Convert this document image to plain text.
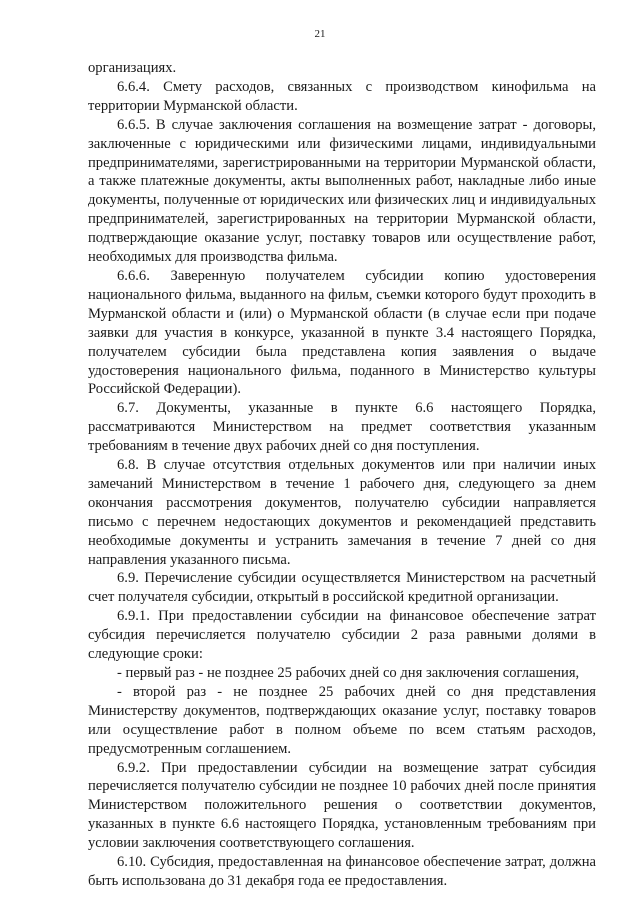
21

организациях.

6.6.4. Смету расходов, связанных с производством кинофильма на территории Мурманской области.

6.6.5. В случае заключения соглашения на возмещение затрат - договоры, заключенные с юридическими или физическими лицами, индивидуальными предпринимателями, зарегистрированными на территории Мурманской области, а также платежные документы, акты выполненных работ, накладные либо иные документы, полученные от юридических или физических лиц и индивидуальных предпринимателей, зарегистрированных на территории Мурманской области, подтверждающие оказание услуг, поставку товаров или осуществление работ, необходимых для производства фильма.

6.6.6. Заверенную получателем субсидии копию удостоверения национального фильма, выданного на фильм, съемки которого будут проходить в Мурманской области и (или) о Мурманской области (в случае если при подаче заявки для участия в конкурсе, указанной в пункте 3.4 настоящего Порядка, получателем субсидии была представлена копия заявления о выдаче удостоверения национального фильма, поданного в Министерство культуры Российской Федерации).

6.7. Документы, указанные в пункте 6.6 настоящего Порядка, рассматриваются Министерством на предмет соответствия указанным требованиям в течение двух рабочих дней со дня поступления.

6.8. В случае отсутствия отдельных документов или при наличии иных замечаний Министерством в течение 1 рабочего дня, следующего за днем окончания рассмотрения документов, получателю субсидии направляется письмо с перечнем недостающих документов и рекомендацией представить необходимые документы и устранить замечания в течение 7 дней со дня направления указанного письма.

6.9. Перечисление субсидии осуществляется Министерством на расчетный счет получателя субсидии, открытый в российской кредитной организации.

6.9.1. При предоставлении субсидии на финансовое обеспечение затрат субсидия перечисляется получателю субсидии 2 раза равными долями в следующие сроки:

- первый раз - не позднее 25 рабочих дней со дня заключения соглашения,

- второй раз - не позднее 25 рабочих дней со дня представления Министерству документов, подтверждающих оказание услуг, поставку товаров или осуществление работ в полном объеме по всем статьям расходов, предусмотренным соглашением.

6.9.2. При предоставлении субсидии на возмещение затрат субсидия перечисляется получателю субсидии не позднее 10 рабочих дней после принятия Министерством положительного решения о соответствии документов, указанных в пункте 6.6 настоящего Порядка, установленным требованиям при условии заключения соответствующего соглашения.

6.10. Субсидия, предоставленная на финансовое обеспечение затрат, должна быть использована до 31 декабря года ее предоставления.
